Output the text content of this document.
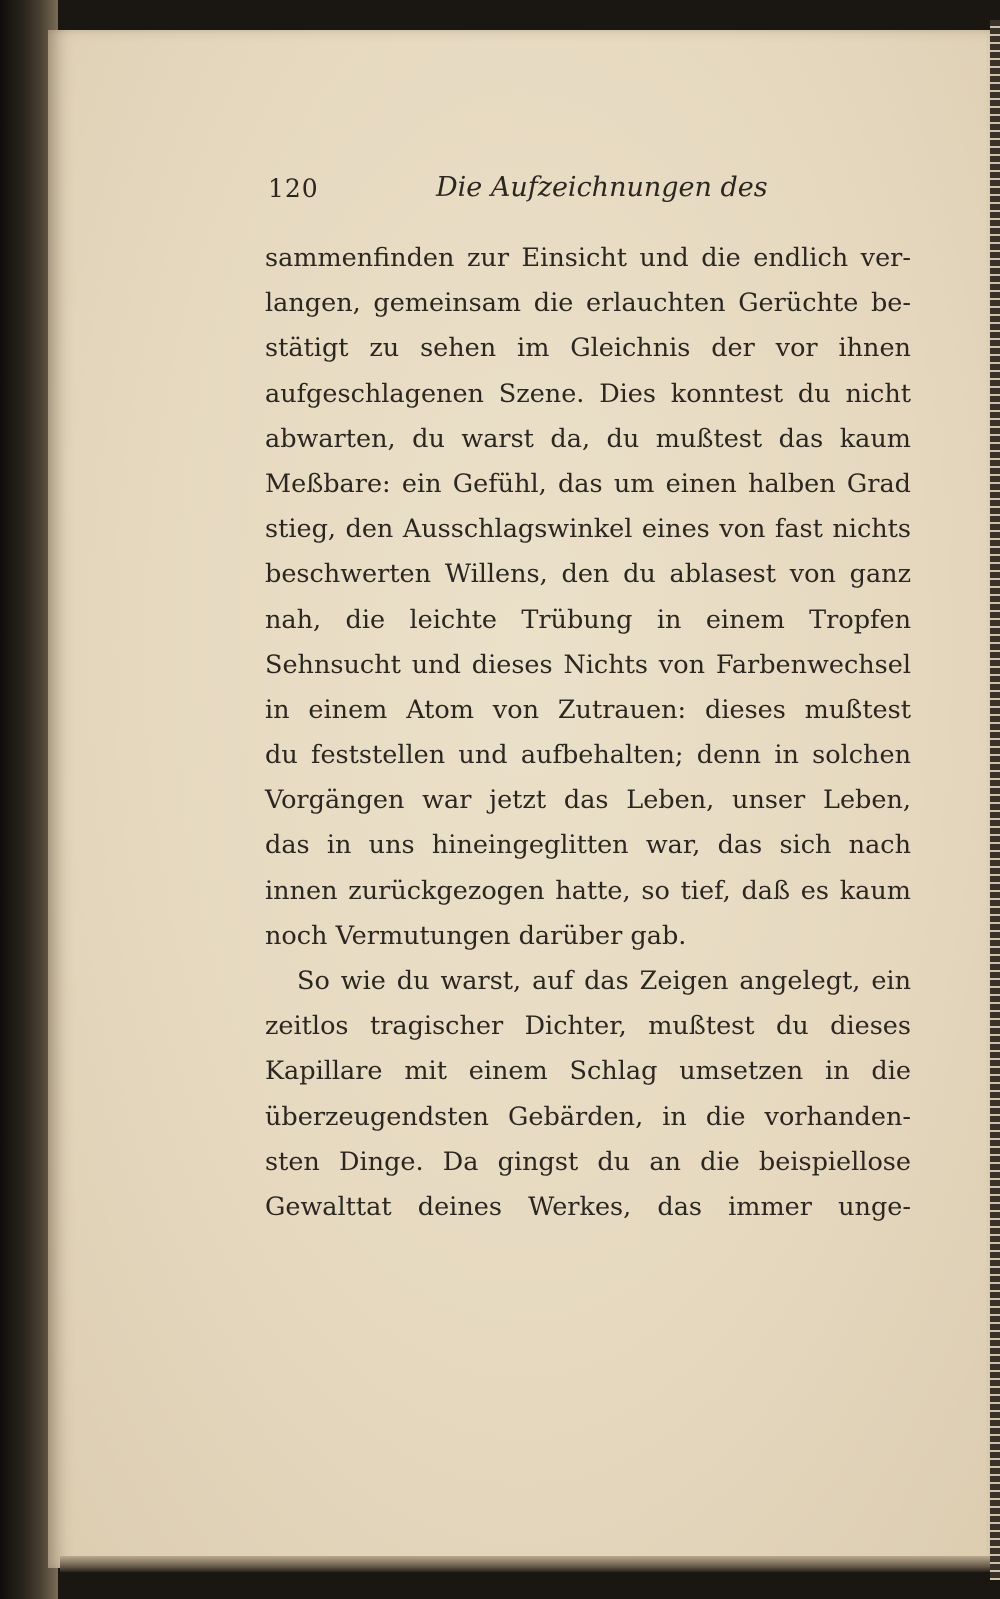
120	Die Aufzeichnungen des
sammenfinden zur Einsicht und die endlich ver-
langen, gemeinsam die erlauchten Gerüchte be-
stätigt zu sehen im Gleichnis der vor ihnen
aufgeschlagenen Szene. Dies konntest du nicht
abwarten, du warst da, du mußtest das kaum
Meßbare: ein Gefühl, das um einen halben Grad
stieg, den Ausschlagswinkel eines von fast nichts
beschwerten Willens, den du ablasest von ganz
nah, die leichte Trübung in einem Tropfen
Sehnsucht und dieses Nichts von Farbenwechsel
in einem Atom von Zutrauen: dieses mußtest
du feststellen und aufbehalten; denn in solchen
Vorgängen war jetzt das Leben, unser Leben,
das in uns hineingeglitten war, das sich nach
innen zurückgezogen hatte, so tief, daß es kaum
noch Vermutungen darüber gab.
So wie du warst, auf das Zeigen angelegt, ein
zeitlos tragischer Dichter, mußtest du dieses
Kapillare mit einem Schlag umsetzen in die
überzeugendsten Gebärden, in die vorhanden-
sten Dinge. Da gingst du an die beispiellose
Gewalttat deines Werkes, das immer unge-
